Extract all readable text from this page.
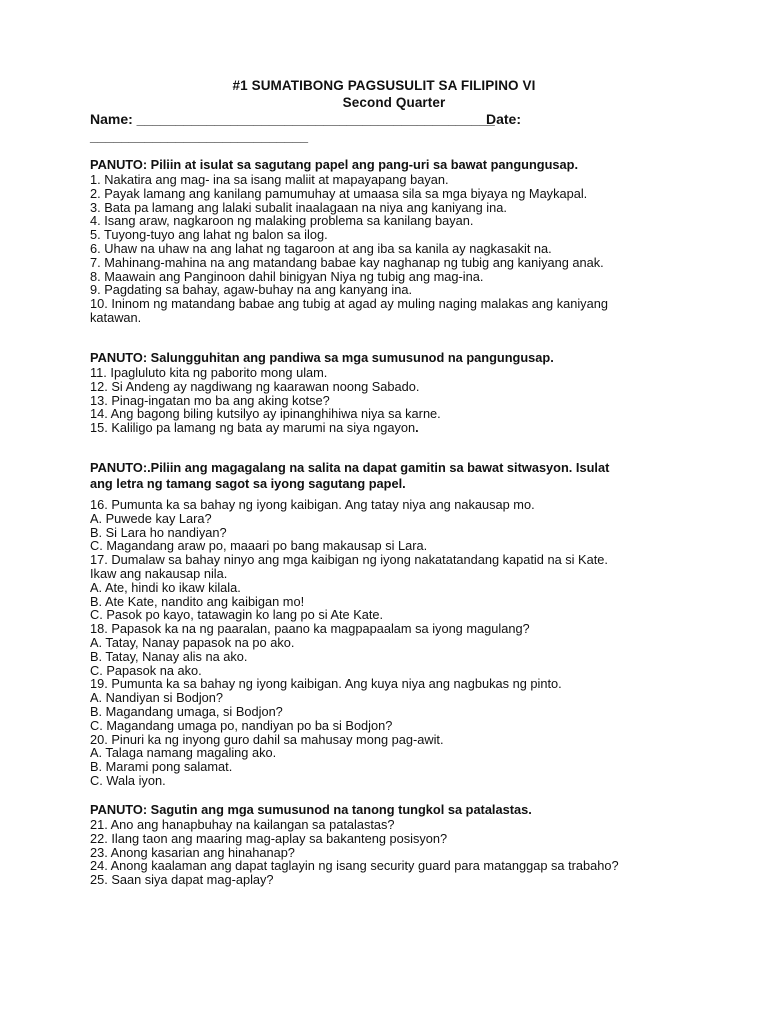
#1 SUMATIBONG PAGSUSULIT SA FILIPINO VI
Second Quarter
Name: ______________________________________________
Date:
____________________________
PANUTO: Piliin at isulat sa sagutang papel ang pang-uri sa bawat pangungusap.
1. Nakatira ang mag- ina sa isang maliit at mapayapang bayan.
2. Payak lamang ang kanilang pamumuhay at umaasa sila sa mga biyaya ng Maykapal.
3. Bata pa lamang ang lalaki subalit inaalagaan na niya ang kaniyang ina.
4. Isang araw, nagkaroon ng malaking problema sa kanilang bayan.
5. Tuyong-tuyo ang lahat ng balon sa ilog.
6. Uhaw na uhaw na ang lahat ng tagaroon at ang iba sa kanila ay nagkasakit na.
7. Mahinang-mahina na ang matandang babae kay naghanap ng tubig ang kaniyang anak.
8. Maawain ang Panginoon dahil binigyan Niya ng tubig ang mag-ina.
9. Pagdating sa bahay, agaw-buhay na ang kanyang ina.
10. Ininom ng matandang babae ang tubig at agad ay muling naging malakas ang kaniyang
katawan.
PANUTO: Salungguhitan ang pandiwa sa mga sumusunod na pangungusap.
11. Ipagluluto kita ng paborito mong ulam.
12. Si Andeng ay nagdiwang ng kaarawan noong Sabado.
13. Pinag-ingatan mo ba ang aking kotse?
14. Ang bagong biling kutsilyo ay ipinanghihiwa niya sa karne.
15. Kaliligo pa lamang ng bata ay marumi na siya ngayon.
PANUTO:.Piliin ang magagalang na salita na dapat gamitin sa bawat sitwasyon. Isulat
ang letra ng tamang sagot sa iyong sagutang papel.
16. Pumunta ka sa bahay ng iyong kaibigan. Ang tatay niya ang nakausap mo.
A. Puwede kay Lara?
B. Si Lara ho nandiyan?
C. Magandang araw po, maaari po bang makausap si Lara.
17. Dumalaw sa bahay ninyo ang mga kaibigan ng iyong nakatatandang kapatid na si Kate.
Ikaw ang nakausap nila.
A. Ate, hindi ko ikaw kilala.
B. Ate Kate, nandito ang kaibigan mo!
C. Pasok po kayo, tatawagin ko lang po si Ate Kate.
18. Papasok ka na ng paaralan, paano ka magpapaalam sa iyong magulang?
A. Tatay, Nanay papasok na po ako.
B. Tatay, Nanay alis na ako.
C. Papasok na ako.
19. Pumunta ka sa bahay ng iyong kaibigan. Ang kuya niya ang nagbukas ng pinto.
A. Nandiyan si Bodjon?
B. Magandang umaga, si Bodjon?
C. Magandang umaga po, nandiyan po ba si Bodjon?
20. Pinuri ka ng inyong guro dahil sa mahusay mong pag-awit.
A. Talaga namang magaling ako.
B. Marami pong salamat.
C. Wala iyon.
PANUTO: Sagutin ang mga sumusunod na tanong tungkol sa patalastas.
21. Ano ang hanapbuhay na kailangan sa patalastas?
22. Ilang taon ang maaring mag-aplay sa bakanteng posisyon?
23. Anong kasarian ang hinahanap?
24. Anong kaalaman ang dapat taglayin ng isang security guard para matanggap sa trabaho?
25. Saan siya dapat mag-aplay?
